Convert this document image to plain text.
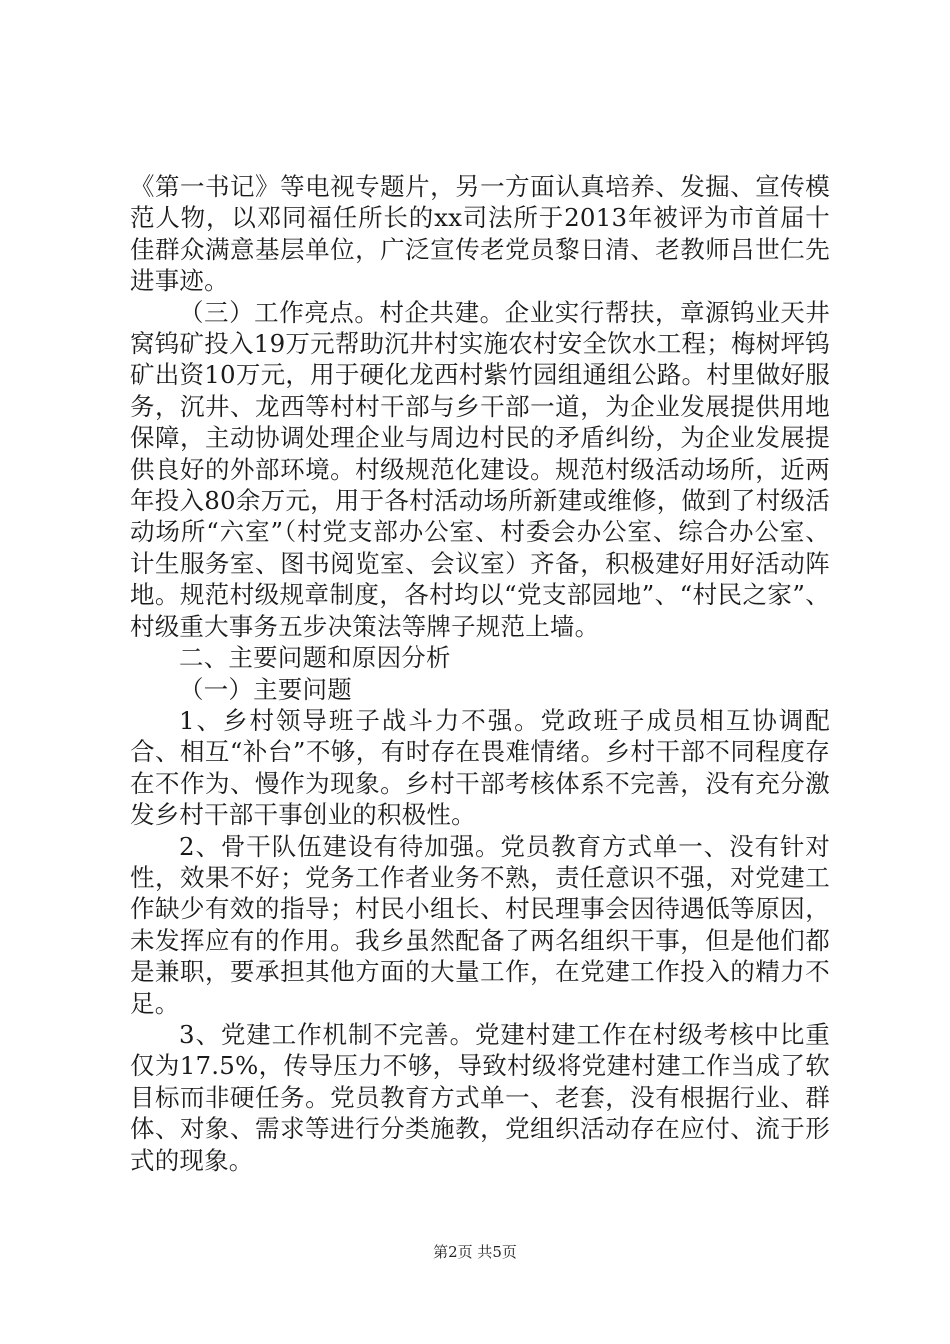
《第一书记》等电视专题片，另一方面认真培养、发掘、宣传模范人物，以邓同福任所长的xx司法所于2013年被评为市首届十佳群众满意基层单位，广泛宣传老党员黎日清、老教师吕世仁先进事迹。

（三）工作亮点。村企共建。企业实行帮扶，章源钨业天井窝钨矿投入19万元帮助沉井村实施农村安全饮水工程；梅树坪钨矿出资10万元，用于硬化龙西村紫竹园组通组公路。村里做好服务，沉井、龙西等村村干部与乡干部一道，为企业发展提供用地保障，主动协调处理企业与周边村民的矛盾纠纷，为企业发展提供良好的外部环境。村级规范化建设。规范村级活动场所，近两年投入80余万元，用于各村活动场所新建或维修，做到了村级活动场所“六室”（村党支部办公室、村委会办公室、综合办公室、计生服务室、图书阅览室、会议室）齐备，积极建好用好活动阵地。规范村级规章制度，各村均以“党支部园地”、“村民之家”、村级重大事务五步决策法等牌子规范上墙。

二、主要问题和原因分析

（一）主要问题

1、乡村领导班子战斗力不强。党政班子成员相互协调配合、相互“补台”不够，有时存在畏难情绪。乡村干部不同程度存在不作为、慢作为现象。乡村干部考核体系不完善，没有充分激发乡村干部干事创业的积极性。

2、骨干队伍建设有待加强。党员教育方式单一、没有针对性，效果不好；党务工作者业务不熟，责任意识不强，对党建工作缺少有效的指导；村民小组长、村民理事会因待遇低等原因，未发挥应有的作用。我乡虽然配备了两名组织干事，但是他们都是兼职，要承担其他方面的大量工作，在党建工作投入的精力不足。

3、党建工作机制不完善。党建村建工作在村级考核中比重仅为17.5%，传导压力不够，导致村级将党建村建工作当成了软目标而非硬任务。党员教育方式单一、老套，没有根据行业、群体、对象、需求等进行分类施教，党组织活动存在应付、流于形式的现象。

第2页 共5页
